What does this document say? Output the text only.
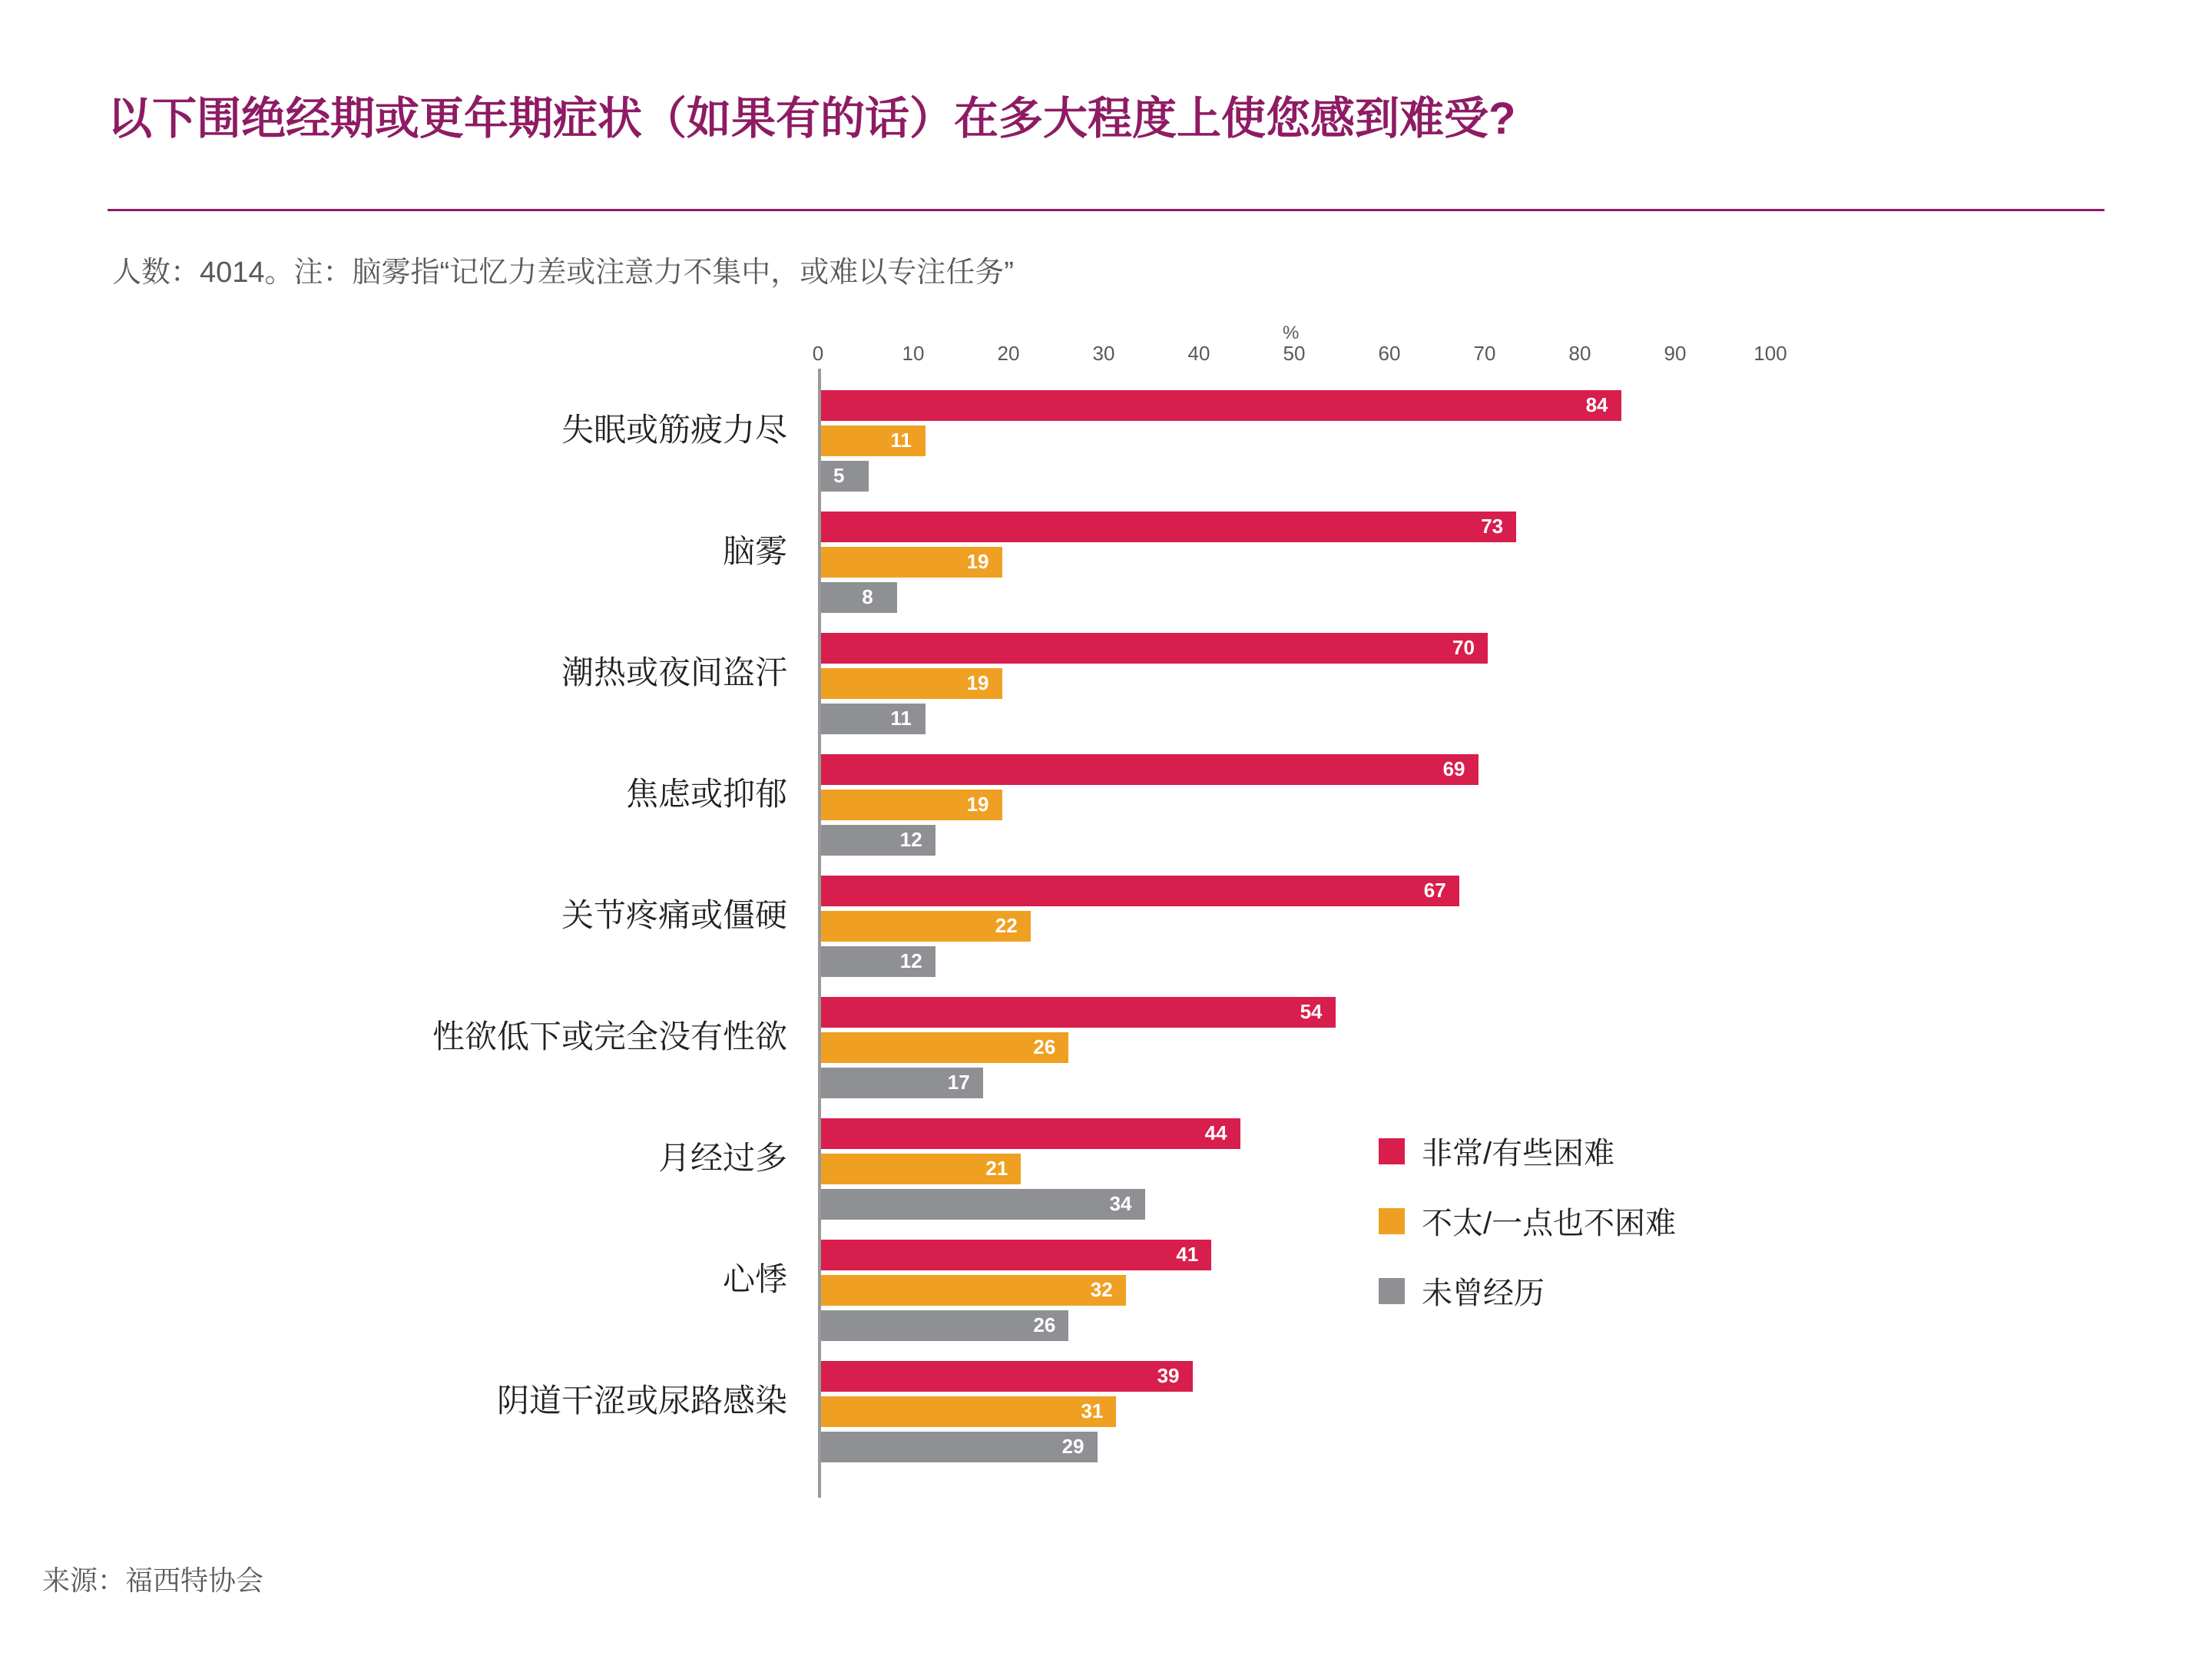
以下围绝经期或更年期症状（如果有的话）在多大程度上使您感到难受?
人数：4014。注：脑雾指“记忆力差或注意力不集中，或难以专注任务”
%
0	10	20	30	40	50	60	70	80	90	100
失眠或筋疲力尽
84
11
5
脑雾
73
19
8
潮热或夜间盗汗
70
19
11
焦虑或抑郁
69
19
12
关节疼痛或僵硬
67
22
12
性欲低下或完全没有性欲
54
26
17
月经过多
44
21
34
心悸
41
32
26
阴道干涩或尿路感染
39
31
29
非常/有些困难
不太/一点也不困难
未曾经历
来源：福西特协会
